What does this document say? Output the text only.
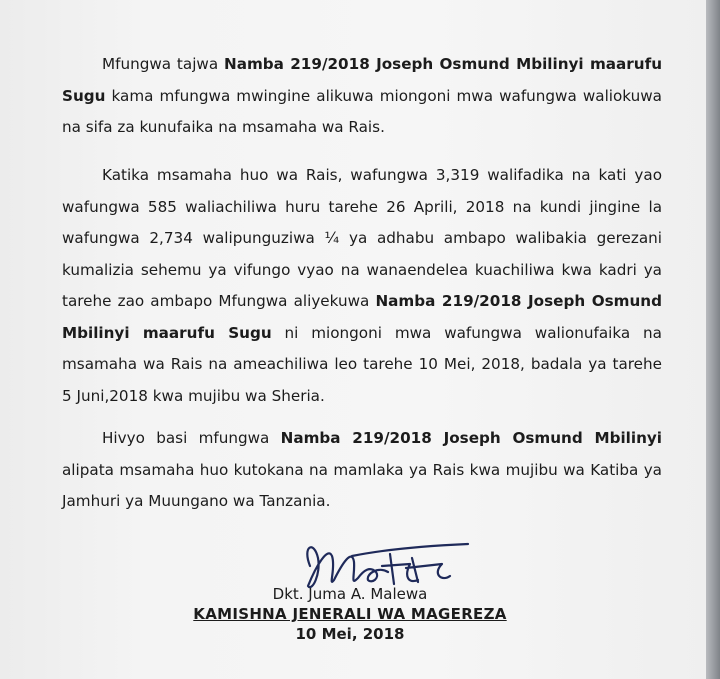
Mfungwa tajwa Namba 219/2018 Joseph Osmund Mbilinyi maarufu Sugu kama mfungwa mwingine alikuwa miongoni mwa wafungwa waliokuwa na sifa za kunufaika na msamaha wa Rais.

Katika msamaha huo wa Rais, wafungwa 3,319 walifadika na kati yao wafungwa 585 waliachiliwa huru tarehe 26 Aprili, 2018 na kundi jingine la wafungwa 2,734 walipunguziwa ¼ ya adhabu ambapo walibakia gerezani kumalizia sehemu ya vifungo vyao na wanaendelea kuachiliwa kwa kadri ya tarehe zao ambapo Mfungwa aliyekuwa Namba 219/2018 Joseph Osmund Mbilinyi maarufu Sugu ni miongoni mwa wafungwa walionufaika na msamaha wa Rais na ameachiliwa leo tarehe 10 Mei, 2018, badala ya tarehe 5 Juni,2018 kwa mujibu wa Sheria.

Hivyo basi mfungwa Namba 219/2018 Joseph Osmund Mbilinyi alipata msamaha huo kutokana na mamlaka ya Rais kwa mujibu wa Katiba ya Jamhuri ya Muungano wa Tanzania.

Dkt. Juma A. Malewa
KAMISHNA JENERALI WA MAGEREZA
10 Mei, 2018
